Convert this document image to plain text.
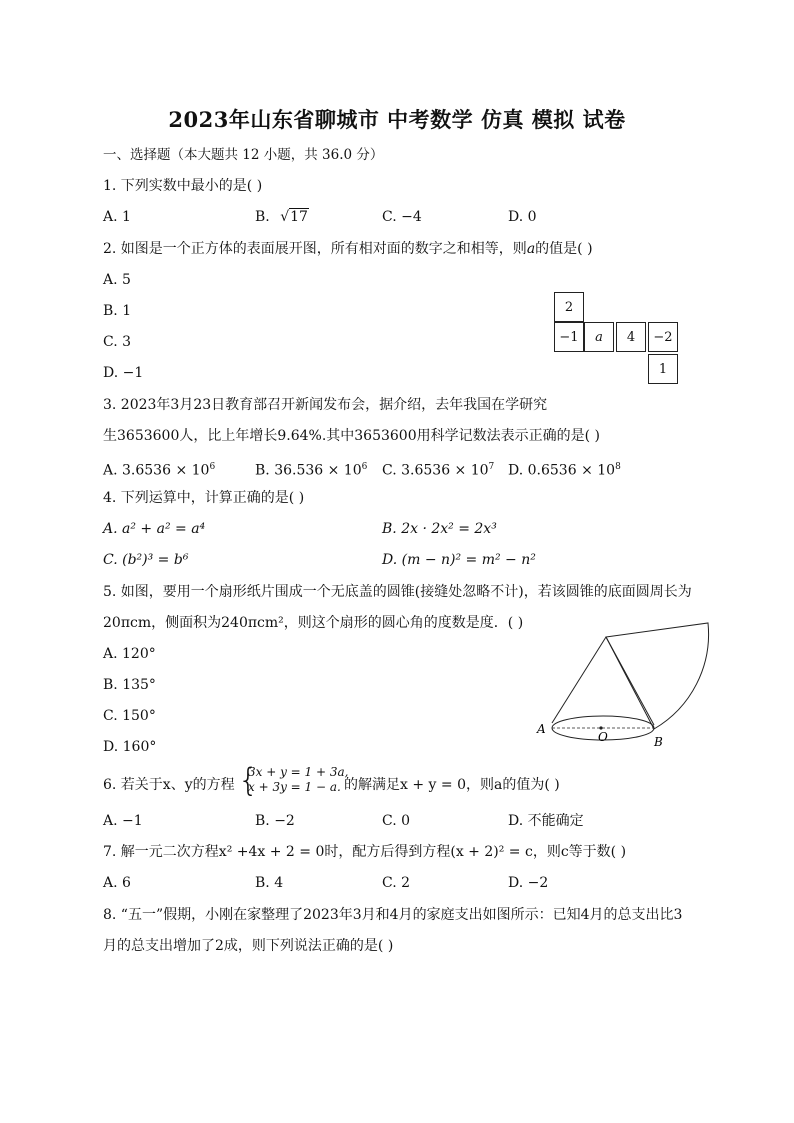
2023年山东省聊城市 中考数学 仿真 模拟 试卷
一、选择题（本大题共 12 小题，共 36.0 分）
1. 下列实数中最小的是( )
A. 1	B. √17	C. −4	D. 0
2. 如图是一个正方体的表面展开图，所有相对面的数字之和相等，则a的值是( )
A. 5
B. 1
C. 3
D. −1
2
−1	a	4	−2
1
3. 2023年3月23日教育部召开新闻发布会，据介绍，去年我国在学研究
生3653600人，比上年增长9.64%.其中3653600用科学记数法表示正确的是( )
A. $3.6536 \times 10^6$	B. $36.536 \times 10^6$ C. $3.6536 \times 10^7$ D. $0.6536 \times 10^8$
4. 下列运算中，计算正确的是( )
A. a² + a² = a⁴	B. 2x · 2x² = 2x³
C. (b²)³ = b⁶	D. (m − n)² = m² − n²
5. 如图，要用一个扇形纸片围成一个无底盖的圆锥(接缝处忽略不计)，若该圆锥的底面圆周长为
20πcm，侧面积为240πcm²，则这个扇形的圆心角的度数是度．( )
A. 120°
B. 135°
C. 150°
D. 160°
A
O	B
6. 若关于x、y的方程 {
3x + y = 1 + 3a,
x + 3y = 1 − a. 的解满足x + y = 0，则a的值为( )
A. −1	B. −2	C. 0	D. 不能确定
7. 解一元二次方程x² +4x + 2 = 0时，配方后得到方程(x + 2)² = c，则c等于数( )
A. 6	B. 4	C. 2	D. −2
8. “五一”假期，小刚在家整理了2023年3月和4月的家庭支出如图所示：已知4月的总支出比3
月的总支出增加了2成，则下列说法正确的是( )
